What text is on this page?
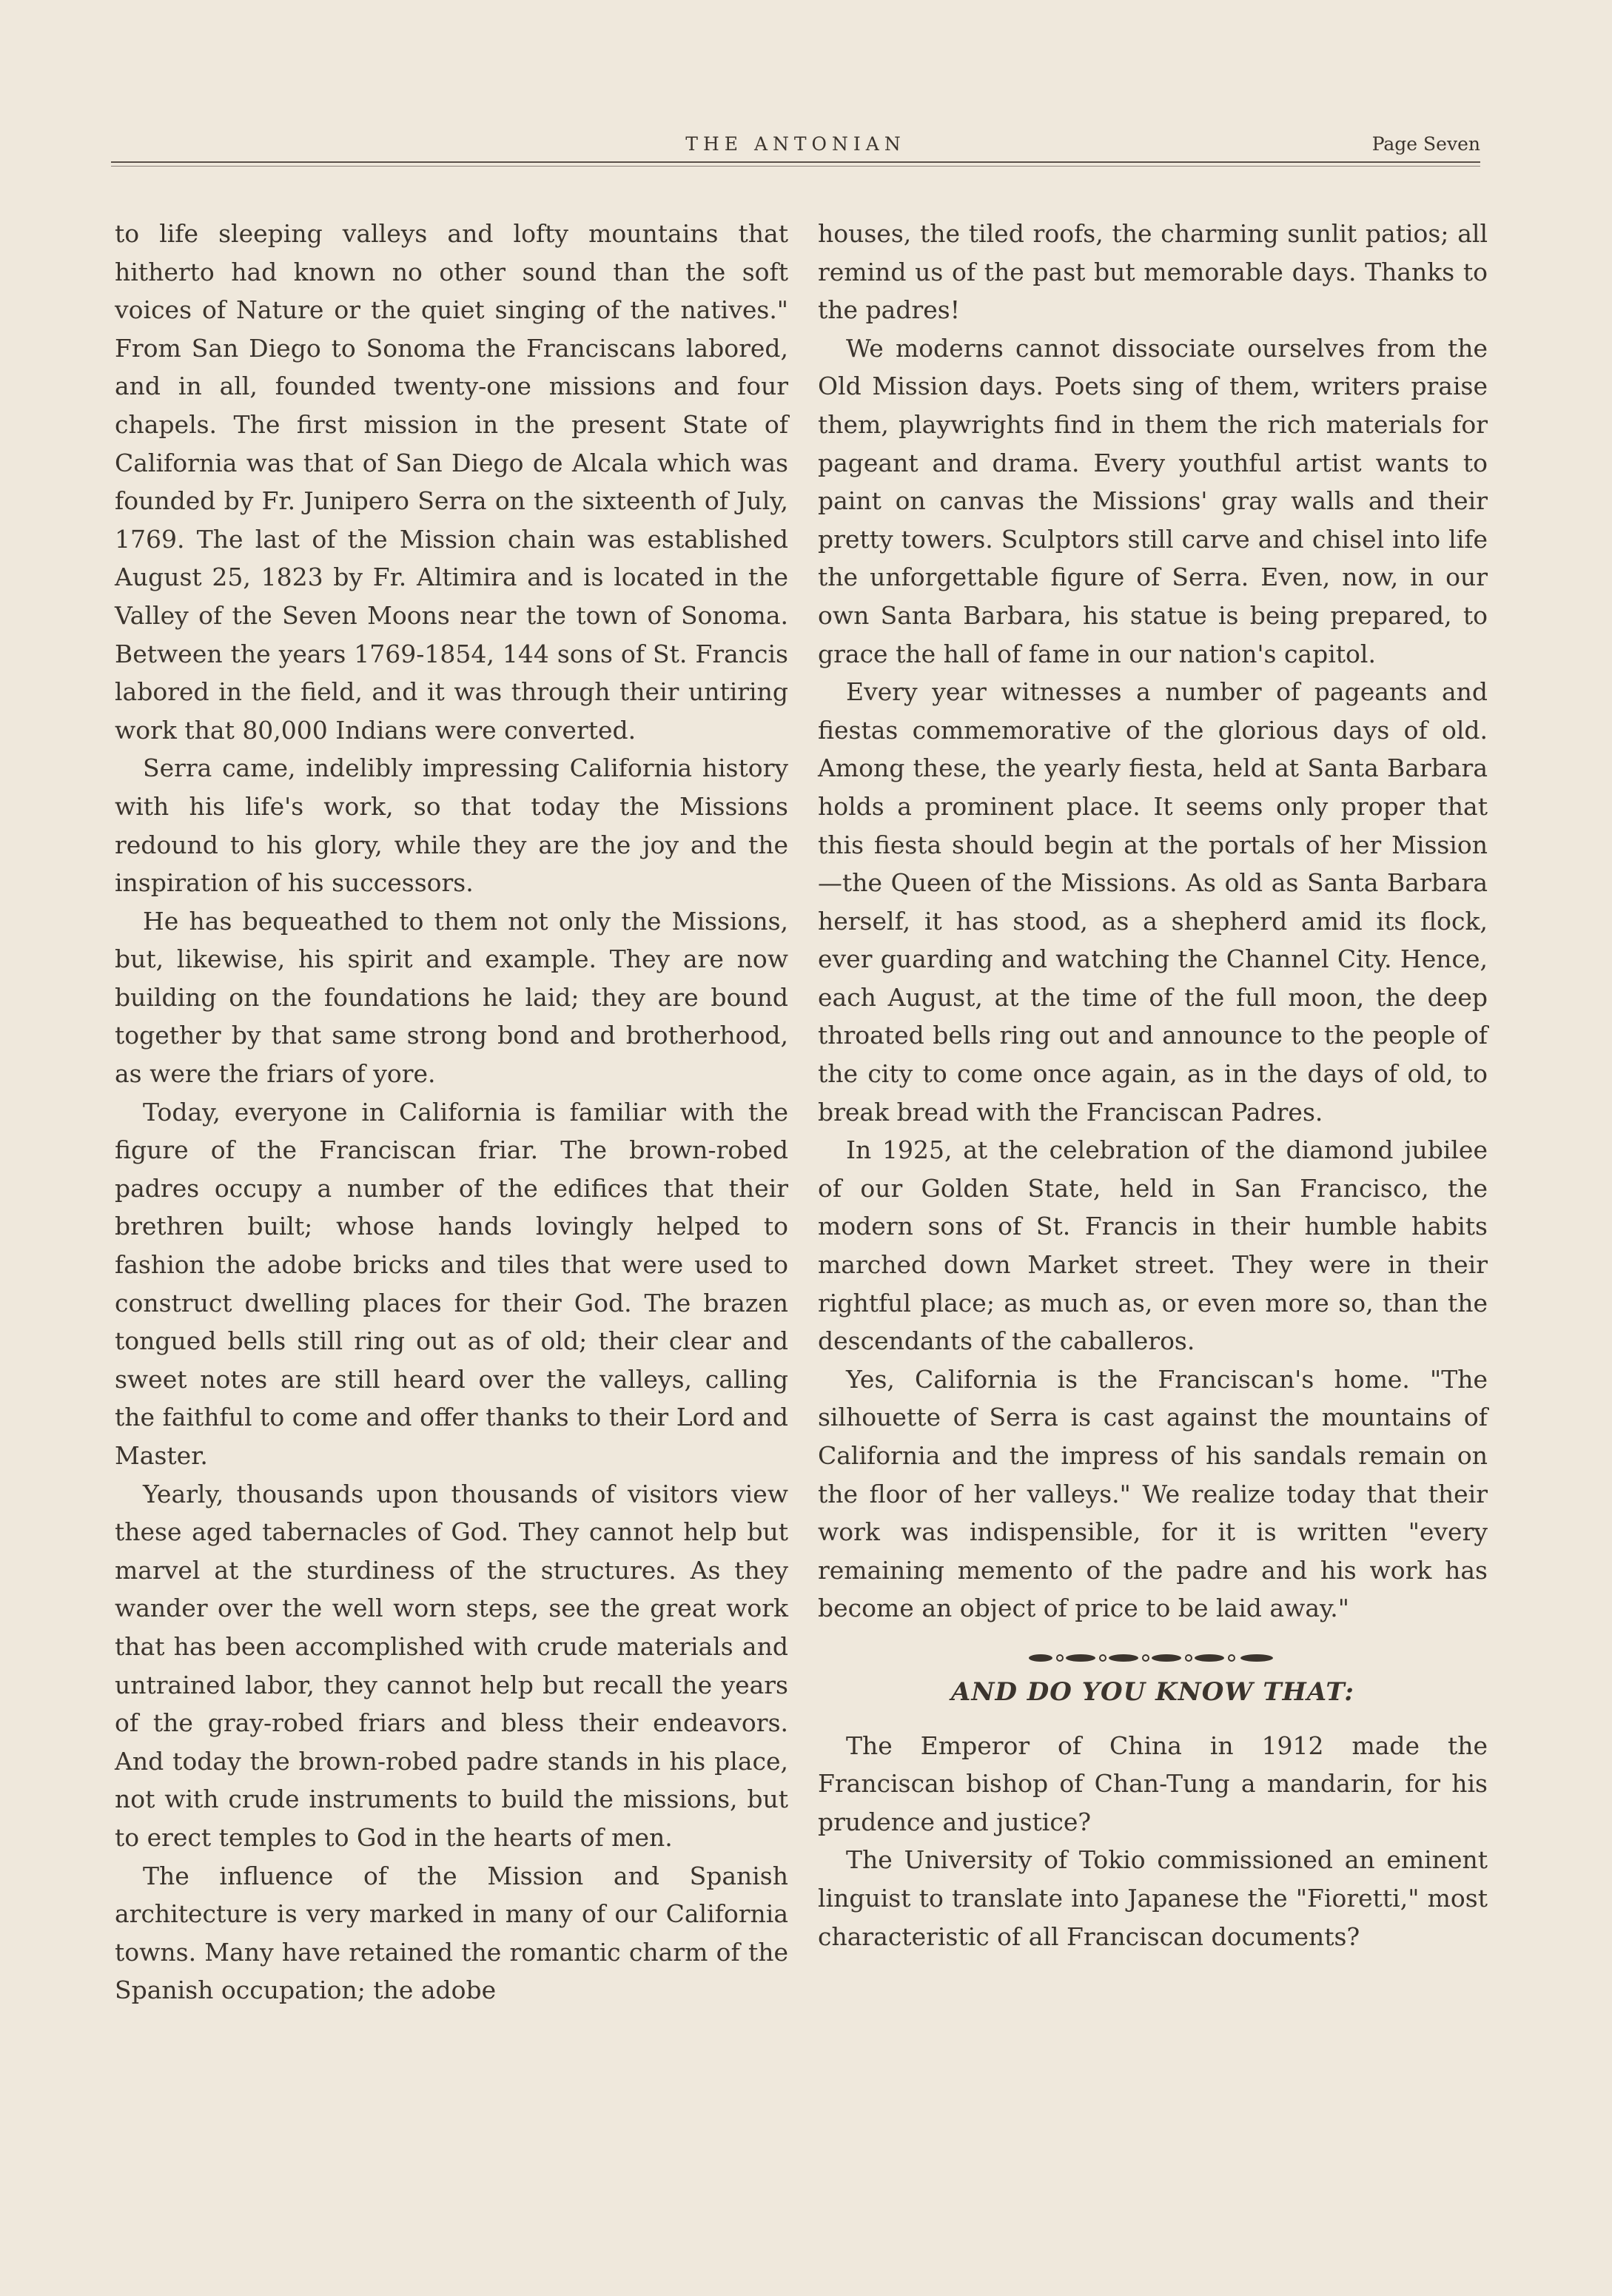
THE ANTONIAN	Page Seven

to life sleeping valleys and lofty mountains that hitherto had known no other sound than the soft voices of Nature or the quiet singing of the natives." From San Diego to Sonoma the Franciscans labored, and in all, founded twenty-one missions and four chapels. The first mission in the present State of California was that of San Diego de Alcala which was founded by Fr. Junipero Serra on the sixteenth of July, 1769. The last of the Mission chain was established August 25, 1823 by Fr. Altimira and is located in the Valley of the Seven Moons near the town of Sonoma. Between the years 1769-1854, 144 sons of St. Francis labored in the field, and it was through their untiring work that 80,000 Indians were converted.

Serra came, indelibly impressing California history with his life's work, so that today the Missions redound to his glory, while they are the joy and the inspiration of his successors.

He has bequeathed to them not only the Missions, but, likewise, his spirit and example. They are now building on the foundations he laid; they are bound together by that same strong bond and brotherhood, as were the friars of yore.

Today, everyone in California is familiar with the figure of the Franciscan friar. The brown-robed padres occupy a number of the edifices that their brethren built; whose hands lovingly helped to fashion the adobe bricks and tiles that were used to construct dwelling places for their God. The brazen tongued bells still ring out as of old; their clear and sweet notes are still heard over the valleys, calling the faithful to come and offer thanks to their Lord and Master.

Yearly, thousands upon thousands of visitors view these aged tabernacles of God. They cannot help but marvel at the sturdiness of the structures. As they wander over the well worn steps, see the great work that has been accomplished with crude materials and untrained labor, they cannot help but recall the years of the gray-robed friars and bless their endeavors. And today the brown-robed padre stands in his place, not with crude instruments to build the missions, but to erect temples to God in the hearts of men.

The influence of the Mission and Spanish architecture is very marked in many of our California towns. Many have retained the romantic charm of the Spanish occupation; the adobe

houses, the tiled roofs, the charming sunlit patios; all remind us of the past but memorable days. Thanks to the padres!

We moderns cannot dissociate ourselves from the Old Mission days. Poets sing of them, writers praise them, playwrights find in them the rich materials for pageant and drama. Every youthful artist wants to paint on canvas the Missions' gray walls and their pretty towers. Sculptors still carve and chisel into life the unforgettable figure of Serra. Even, now, in our own Santa Barbara, his statue is being prepared, to grace the hall of fame in our nation's capitol.

Every year witnesses a number of pageants and fiestas commemorative of the glorious days of old. Among these, the yearly fiesta, held at Santa Barbara holds a prominent place. It seems only proper that this fiesta should begin at the portals of her Mission—the Queen of the Missions. As old as Santa Barbara herself, it has stood, as a shepherd amid its flock, ever guarding and watching the Channel City. Hence, each August, at the time of the full moon, the deep throated bells ring out and announce to the people of the city to come once again, as in the days of old, to break bread with the Franciscan Padres.

In 1925, at the celebration of the diamond jubilee of our Golden State, held in San Francisco, the modern sons of St. Francis in their humble habits marched down Market street. They were in their rightful place; as much as, or even more so, than the descendants of the caballeros.

Yes, California is the Franciscan's home. "The silhouette of Serra is cast against the mountains of California and the impress of his sandals remain on the floor of her valleys." We realize today that their work was indispensible, for it is written "every remaining memento of the padre and his work has become an object of price to be laid away."

AND DO YOU KNOW THAT:

The Emperor of China in 1912 made the Franciscan bishop of Chan-Tung a mandarin, for his prudence and justice?

The University of Tokio commissioned an eminent linguist to translate into Japanese the "Fioretti," most characteristic of all Franciscan documents?
